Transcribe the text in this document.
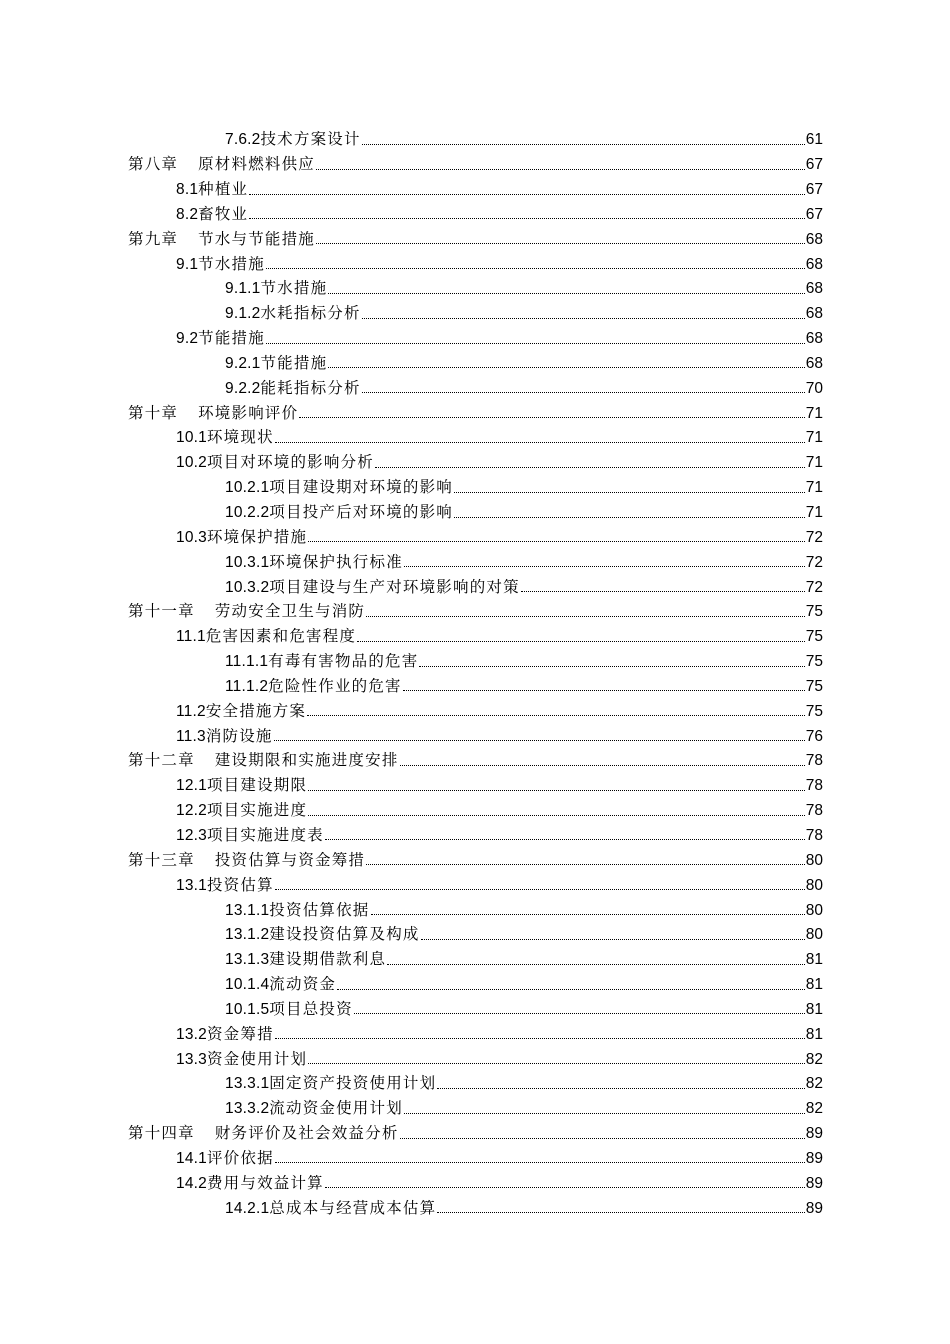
7.6.2 技术方案设计	61
第八章 原材料燃料供应	67
8.1 种植业	67
8.2 畜牧业	67
第九章 节水与节能措施	68
9.1 节水措施	68
9.1.1 节水措施	68
9.1.2 水耗指标分析	68
9.2 节能措施	68
9.2.1 节能措施	68
9.2.2 能耗指标分析	70
第十章 环境影响评价	71
10.1 环境现状	71
10.2 项目对环境的影响分析	71
10.2.1 项目建设期对环境的影响	71
10.2.2 项目投产后对环境的影响	71
10.3 环境保护措施	72
10.3.1 环境保护执行标准	72
10.3.2 项目建设与生产对环境影响的对策	72
第十一章 劳动安全卫生与消防	75
11.1 危害因素和危害程度	75
11.1.1 有毒有害物品的危害	75
11.1.2 危险性作业的危害	75
11.2 安全措施方案	75
11.3 消防设施	76
第十二章 建设期限和实施进度安排	78
12.1 项目建设期限	78
12.2 项目实施进度	78
12.3 项目实施进度表	78
第十三章 投资估算与资金筹措	80
13.1 投资估算	80
13.1.1 投资估算依据	80
13.1.2 建设投资估算及构成	80
13.1.3 建设期借款利息	81
10.1.4 流动资金	81
10.1.5 项目总投资	81
13.2 资金筹措	81
13.3 资金使用计划	82
13.3.1 固定资产投资使用计划	82
13.3.2 流动资金使用计划	82
第十四章 财务评价及社会效益分析	89
14.1 评价依据	89
14.2 费用与效益计算	89
14.2.1 总成本与经营成本估算	89
